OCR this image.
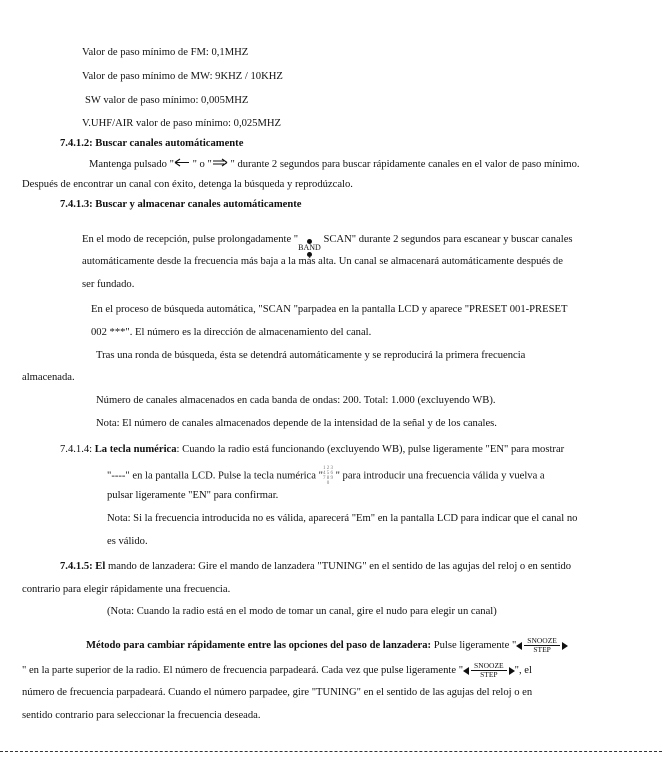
Valor de paso mínimo de FM: 0,1MHZ
Valor de paso mínimo de MW: 9KHZ / 10KHZ
SW valor de paso mínimo: 0,005MHZ
V.UHF/AIR valor de paso mínimo: 0,025MHZ
7.4.1.2: Buscar canales automáticamente
Mantenga pulsado " " o " " durante 2 segundos para buscar rápidamente canales en el valor de paso mínimo.
Después de encontrar un canal con éxito, detenga la búsqueda y reprodúzcalo.
7.4.1.3: Buscar y almacenar canales automáticamente
En el modo de recepción, pulse prolongadamente "
BAND
SCAN" durante 2 segundos para escanear y buscar canales
automáticamente desde la frecuencia más baja a la más alta. Un canal se almacenará automáticamente después de
ser fundado.
En el proceso de búsqueda automática, "SCAN "parpadea en la pantalla LCD y aparece "PRESET 001-PRESET
002 ***". El número es la dirección de almacenamiento del canal.
Tras una ronda de búsqueda, ésta se detendrá automáticamente y se reproducirá la primera frecuencia
almacenada.
Número de canales almacenados en cada banda de ondas: 200. Total: 1.000 (excluyendo WB).
Nota: El número de canales almacenados depende de la intensidad de la señal y de los canales.
7.4.1.4: La tecla numérica: Cuando la radio está funcionando (excluyendo WB), pulse ligeramente "EN" para mostrar
"----" en la pantalla LCD. Pulse la tecla numérica "1 2 3
4 5 6
7 8 9
0 " para introducir una frecuencia válida y vuelva a
pulsar ligeramente "EN" para confirmar.
Nota: Si la frecuencia introducida no es válida, aparecerá "Em" en la pantalla LCD para indicar que el canal no
es válido.
7.4.1.5: El mando de lanzadera: Gire el mando de lanzadera "TUNING" en el sentido de las agujas del reloj o en sentido
contrario para elegir rápidamente una frecuencia.
(Nota: Cuando la radio está en el modo de tomar un canal, gire el nudo para elegir un canal)
Método para cambiar rápidamente entre las opciones del paso de lanzadera: Pulse ligeramente "	SNOOZE
STEP
" en la parte superior de la radio. El número de frecuencia parpadeará. Cada vez que pulse ligeramente "	SNOOZE
STEP ", el
número de frecuencia parpadeará. Cuando el número parpadee, gire "TUNING" en el sentido de las agujas del reloj o en
sentido contrario para seleccionar la frecuencia deseada.
